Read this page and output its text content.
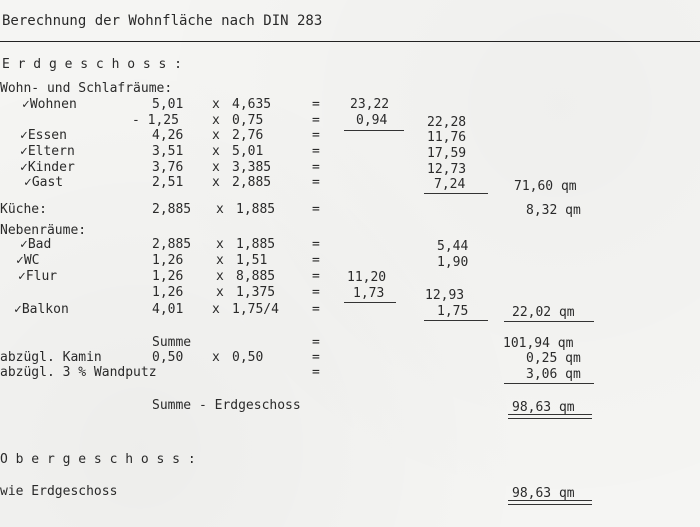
Berechnung der Wohnfläche nach DIN 283
E r d g e s c h o s s :
Wohn- und Schlafräume:
✓Wohnen	5,01 x 4,635	= 23,22
- 1,25	x 0,75	=	0,94	22,28
✓Essen	4,26 x 2,76	=	11,76
✓Eltern	3,51 x 5,01	=	17,59
✓Kinder	3,76 x 3,385	=	12,73
✓Gast	2,51 x 2,885	=	7,24	71,60 qm
Küche:	2,885 x 1,885	=	8,32 qm
Nebenräume:
✓Bad	2,885 x 1,885	=	5,44
✓WC	1,26	x 1,51	=	1,90
✓Flur	1,26	x 8,885	= 11,20
1,26	x 1,375	=	1,73	12,93
✓Balkon	4,01 x 1,75/4	=	1,75	22,02 qm
Summe	=	101,94 qm
abzügl. Kamin	0,50 x 0,50	=	0,25 qm
abzügl. 3 % Wandputz	=	3,06 qm
Summe - Erdgeschoss	98,63 qm
O b e r g e s c h o s s :
wie Erdgeschoss	98,63 qm
